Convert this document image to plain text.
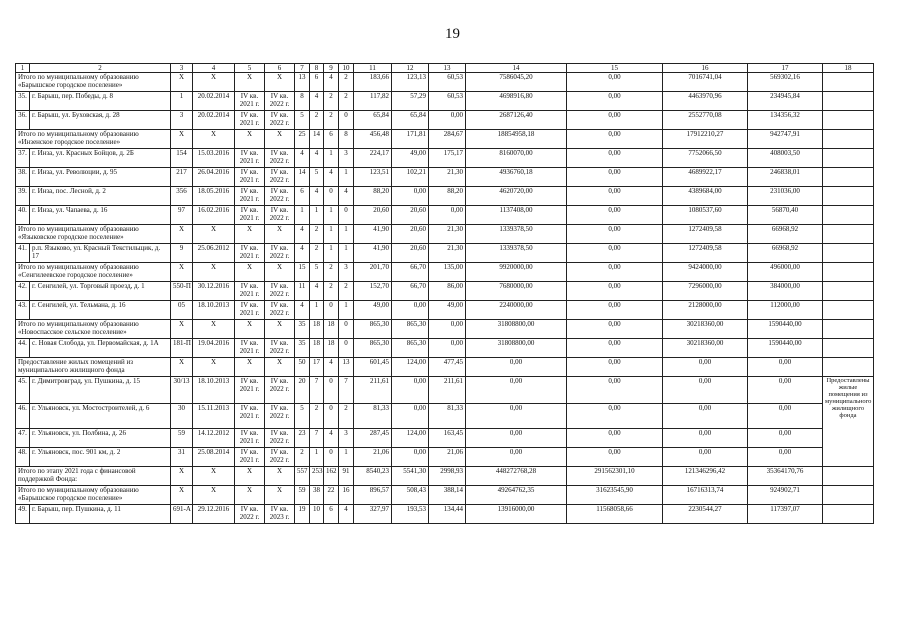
19
1	2	3	4	5	6	7	8	9	10	11	12	13	14	15	16	17	18
Итого по муниципальному образованию «Барышское городское поселение»		X	X	X	X	13	6	4	2	183,66	123,13	60,53	7586045,20	0,00	7016741,04	569302,16	
35.	г. Барыш, пер. Победы, д. 8	1	20.02.2014	IV кв. 2021 г.	IV кв. 2022 г.	8	4	2	2	117,82	57,29	60,53	4698916,80	0,00	4463970,96	234945,84	
36.	г. Барыш, ул. Буховская, д. 28	3	20.02.2014	IV кв. 2021 г.	IV кв. 2022 г.	5	2	2	0	65,84	65,84	0,00	2687126,40	0,00	2552770,08	134356,32	
Итого по муниципальному образованию «Инзенское городское поселение»		X	X	X	X	25	14	6	8	456,48	171,81	284,67	18854958,18	0,00	17912210,27	942747,91	
37.	г. Инза, ул. Красных Бойцов, д. 2Б	154	15.03.2016	IV кв. 2021 г.	IV кв. 2022 г.	4	4	1	3	224,17	49,00	175,17	8160070,00	0,00	7752066,50	408003,50	
38.	г. Инза, ул. Революции, д. 95	217	26.04.2016	IV кв. 2021 г.	IV кв. 2022 г.	14	5	4	1	123,51	102,21	21,30	4936760,18	0,00	4689922,17	246838,01	
39.	г. Инза, пос. Лесной, д. 2	356	18.05.2016	IV кв. 2021 г.	IV кв. 2022 г.	6	4	0	4	88,20	0,00	88,20	4620720,00	0,00	4389684,00	231036,00	
40.	г. Инза, ул. Чапаева, д. 16	97	16.02.2016	IV кв. 2021 г.	IV кв. 2022 г.	1	1	1	0	20,60	20,60	0,00	1137408,00	0,00	1080537,60	56870,40	
Итого по муниципальному образованию «Языковское городское поселение»		X	X	X	X	4	2	1	1	41,90	20,60	21,30	1339378,50	0,00	1272409,58	66968,92	
41.	р.п. Языково, ул. Красный Текстильщик, д. 17	9	25.06.2012	IV кв. 2021 г.	IV кв. 2022 г.	4	2	1	1	41,90	20,60	21,30	1339378,50	0,00	1272409,58	66968,92	
Итого по муниципальному образованию «Сенгилеевское городское поселение»		X	X	X	X	15	5	2	3	201,70	66,70	135,00	9920000,00	0,00	9424000,00	496000,00	
42.	г. Сенгилей, ул. Торговый проезд, д. 1	550-П	30.12.2016	IV кв. 2021 г.	IV кв. 2022 г.	11	4	2	2	152,70	66,70	86,00	7680000,00	0,00	7296000,00	384000,00	
43.	г. Сенгилей, ул. Тельмана, д. 16	05	18.10.2013	IV кв. 2021 г.	IV кв. 2022 г.	4	1	0	1	49,00	0,00	49,00	2240000,00	0,00	2128000,00	112000,00	
Итого по муниципальному образованию «Новоспасское сельское поселение»		X	X	X	X	35	18	18	0	865,30	865,30	0,00	31808800,00	0,00	30218360,00	1590440,00	
44.	с. Новая Слобода, ул. Первомайская, д. 1А	181-П	19.04.2016	IV кв. 2021 г.	IV кв. 2022 г.	35	18	18	0	865,30	865,30	0,00	31808800,00	0,00	30218360,00	1590440,00	
Предоставление жилых помещений из муниципального жилищного фонда		X	X	X	X	50	17	4	13	601,45	124,00	477,45	0,00	0,00	0,00	0,00	
45.	г. Димитровград, ул. Пушкина, д. 15	30/13	18.10.2013	IV кв. 2021 г.	IV кв. 2022 г.	20	7	0	7	211,61	0,00	211,61	0,00	0,00	0,00	0,00	Предоставлены жилые помещения из муниципального жилищного фонда
46.	г. Ульяновск, ул. Мостостроителей, д. 6	30	15.11.2013	IV кв. 2021 г.	IV кв. 2022 г.	5	2	0	2	81,33	0,00	81,33	0,00	0,00	0,00	0,00	
47.	г. Ульяновск, ул. Полбина, д. 26	59	14.12.2012	IV кв. 2021 г.	IV кв. 2022 г.	23	7	4	3	287,45	124,00	163,45	0,00	0,00	0,00	0,00	
48.	г. Ульяновск, пос. 901 км, д. 2	31	25.08.2014	IV кв. 2021 г.	IV кв. 2022 г.	2	1	0	1	21,06	0,00	21,06	0,00	0,00	0,00	0,00	
Итого по этапу 2021 года с финансовой поддержкой Фонда:		X	X	X	X	557	253	162	91	8540,23	5541,30	2998,93	448272768,28	291562301,10	121346296,42	35364170,76	
Итого по муниципальному образованию «Барышское городское поселение»		X	X	X	X	59	38	22	16	896,57	508,43	388,14	49264762,35	31623545,90	16716313,74	924902,71	
49.	г. Барыш, пер. Пушкина, д. 11	691-А	29.12.2016	IV кв. 2022 г.	IV кв. 2023 г.	19	10	6	4	327,97	193,53	134,44	13916000,00	11568058,66	2230544,27	117397,07	
